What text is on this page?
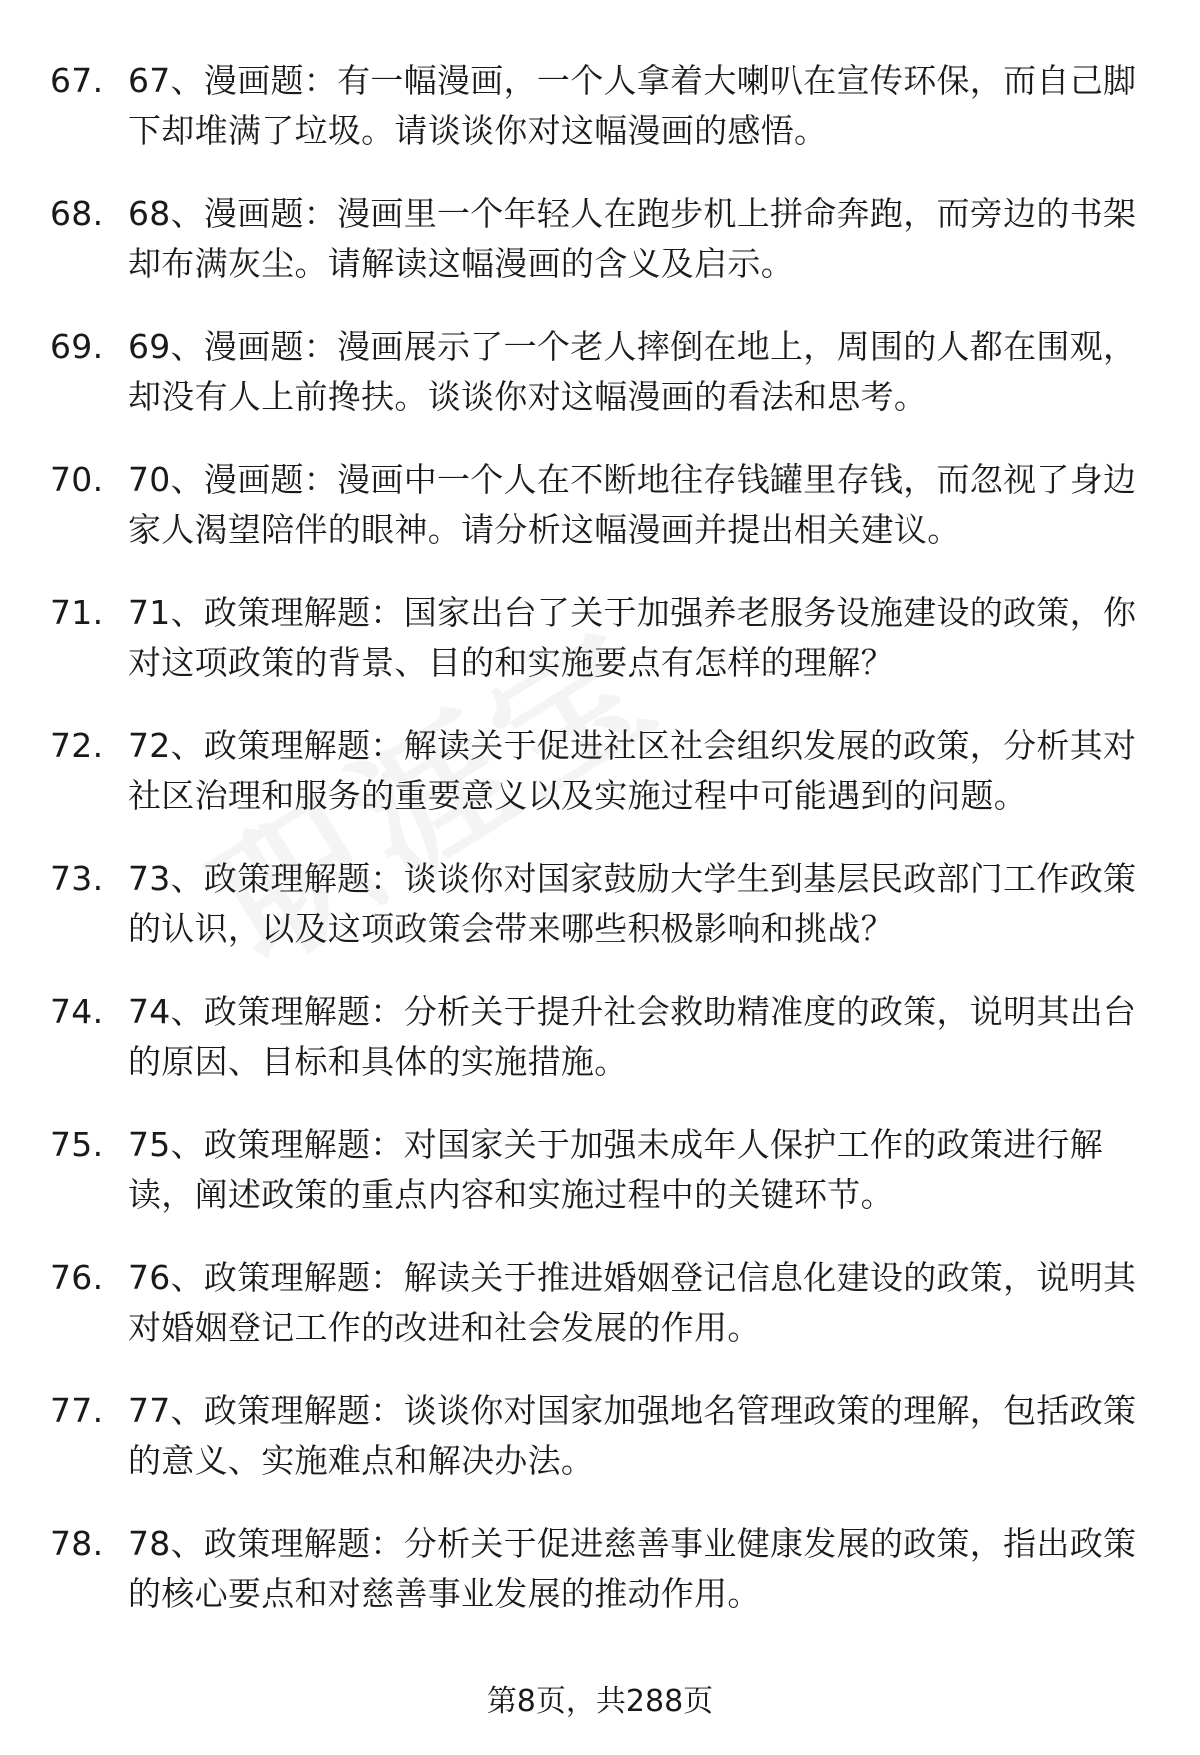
67. 67、漫画题：有一幅漫画，一个人拿着大喇叭在宣传环保，而自己脚下却堆满了垃圾。请谈谈你对这幅漫画的感悟。
68. 68、漫画题：漫画里一个年轻人在跑步机上拼命奔跑，而旁边的书架却布满灰尘。请解读这幅漫画的含义及启示。
69. 69、漫画题：漫画展示了一个老人摔倒在地上，周围的人都在围观，却没有人上前搀扶。谈谈你对这幅漫画的看法和思考。
70. 70、漫画题：漫画中一个人在不断地往存钱罐里存钱，而忽视了身边家人渴望陪伴的眼神。请分析这幅漫画并提出相关建议。
71. 71、政策理解题：国家出台了关于加强养老服务设施建设的政策，你对这项政策的背景、目的和实施要点有怎样的理解？
72. 72、政策理解题：解读关于促进社区社会组织发展的政策，分析其对社区治理和服务的重要意义以及实施过程中可能遇到的问题。
73. 73、政策理解题：谈谈你对国家鼓励大学生到基层民政部门工作政策的认识，以及这项政策会带来哪些积极影响和挑战？
74. 74、政策理解题：分析关于提升社会救助精准度的政策，说明其出台的原因、目标和具体的实施措施。
75. 75、政策理解题：对国家关于加强未成年人保护工作的政策进行解读，阐述政策的重点内容和实施过程中的关键环节。
76. 76、政策理解题：解读关于推进婚姻登记信息化建设的政策，说明其对婚姻登记工作的改进和社会发展的作用。
77. 77、政策理解题：谈谈你对国家加强地名管理政策的理解，包括政策的意义、实施难点和解决办法。
78. 78、政策理解题：分析关于促进慈善事业健康发展的政策，指出政策的核心要点和对慈善事业发展的推动作用。
第8页，共288页
